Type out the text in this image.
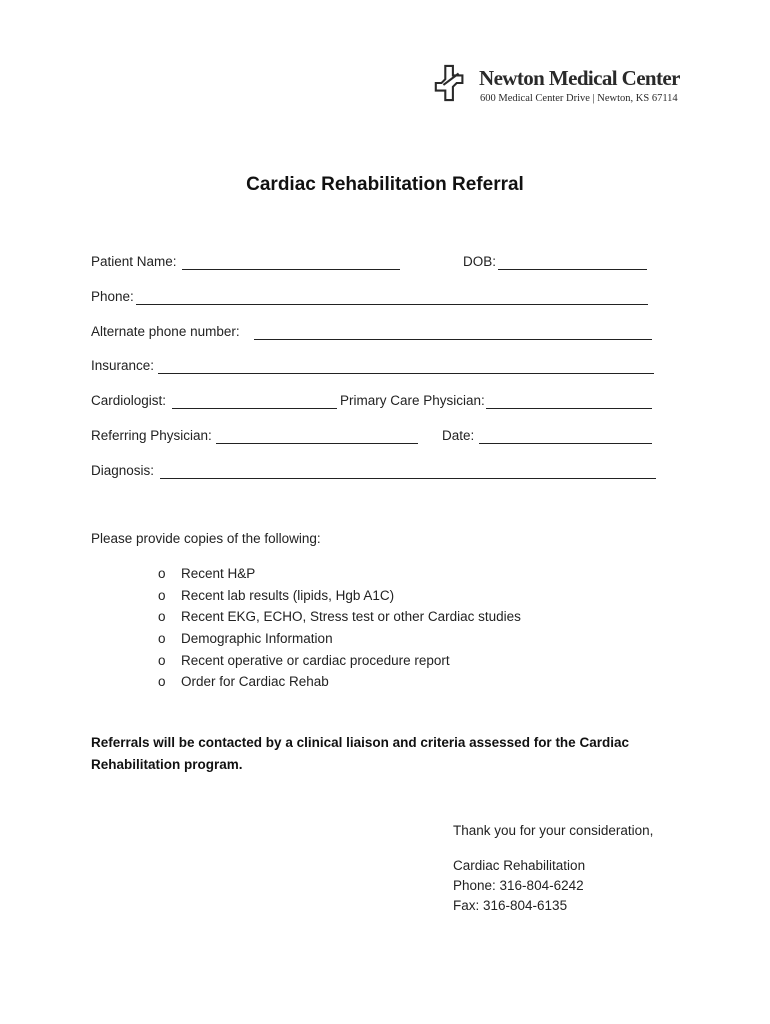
Newton Medical Center
600 Medical Center Drive | Newton, KS 67114
Cardiac Rehabilitation Referral
Patient Name:	DOB:
Phone:
Alternate phone number:
Insurance:
Cardiologist:	Primary Care Physician:
Referring Physician:	Date:
Diagnosis:
Please provide copies of the following:
o Recent H&P
o Recent lab results (lipids, Hgb A1C)
o Recent EKG, ECHO, Stress test or other Cardiac studies
o Demographic Information
o Recent operative or cardiac procedure report
o Order for Cardiac Rehab
Referrals will be contacted by a clinical liaison and criteria assessed for the Cardiac Rehabilitation program.
Thank you for your consideration,
Cardiac Rehabilitation
Phone: 316-804-6242
Fax: 316-804-6135
